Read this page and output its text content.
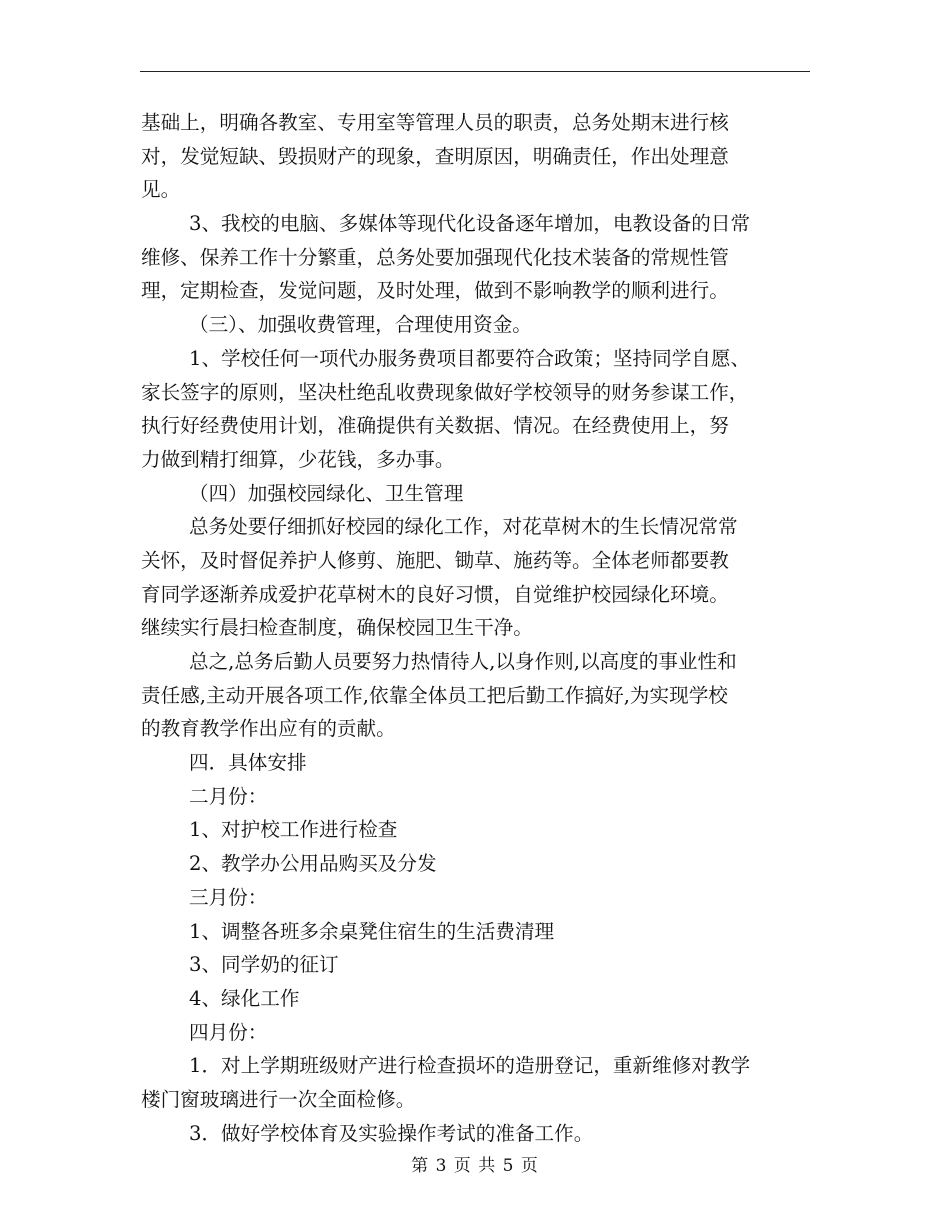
基础上，明确各教室、专用室等管理人员的职责，总务处期末进行核
对，发觉短缺、毁损财产的现象，查明原因，明确责任，作出处理意
见。
3、我校的电脑、多媒体等现代化设备逐年增加，电教设备的日常
维修、保养工作十分繁重，总务处要加强现代化技术装备的常规性管
理，定期检查，发觉问题，及时处理，做到不影响教学的顺利进行。
（三）、加强收费管理，合理使用资金。
1、学校任何一项代办服务费项目都要符合政策；坚持同学自愿、
家长签字的原则，坚决杜绝乱收费现象做好学校领导的财务参谋工作，
执行好经费使用计划，准确提供有关数据、情况。在经费使用上，努
力做到精打细算，少花钱，多办事。
（四）加强校园绿化、卫生管理
总务处要仔细抓好校园的绿化工作，对花草树木的生长情况常常
关怀，及时督促养护人修剪、施肥、锄草、施药等。全体老师都要教
育同学逐渐养成爱护花草树木的良好习惯，自觉维护校园绿化环境。
继续实行晨扫检查制度，确保校园卫生干净。
总之,总务后勤人员要努力热情待人,以身作则,以高度的事业性和
责任感,主动开展各项工作,依靠全体员工把后勤工作搞好,为实现学校
的教育教学作出应有的贡献。
四．具体安排
二月份：
1、对护校工作进行检查
2、教学办公用品购买及分发
三月份：
1、调整各班多余桌凳住宿生的生活费清理
3、同学奶的征订
4、绿化工作
四月份：
1．对上学期班级财产进行检查损坏的造册登记，重新维修对教学
楼门窗玻璃进行一次全面检修。
3．做好学校体育及实验操作考试的准备工作。
第 3 页 共 5 页
